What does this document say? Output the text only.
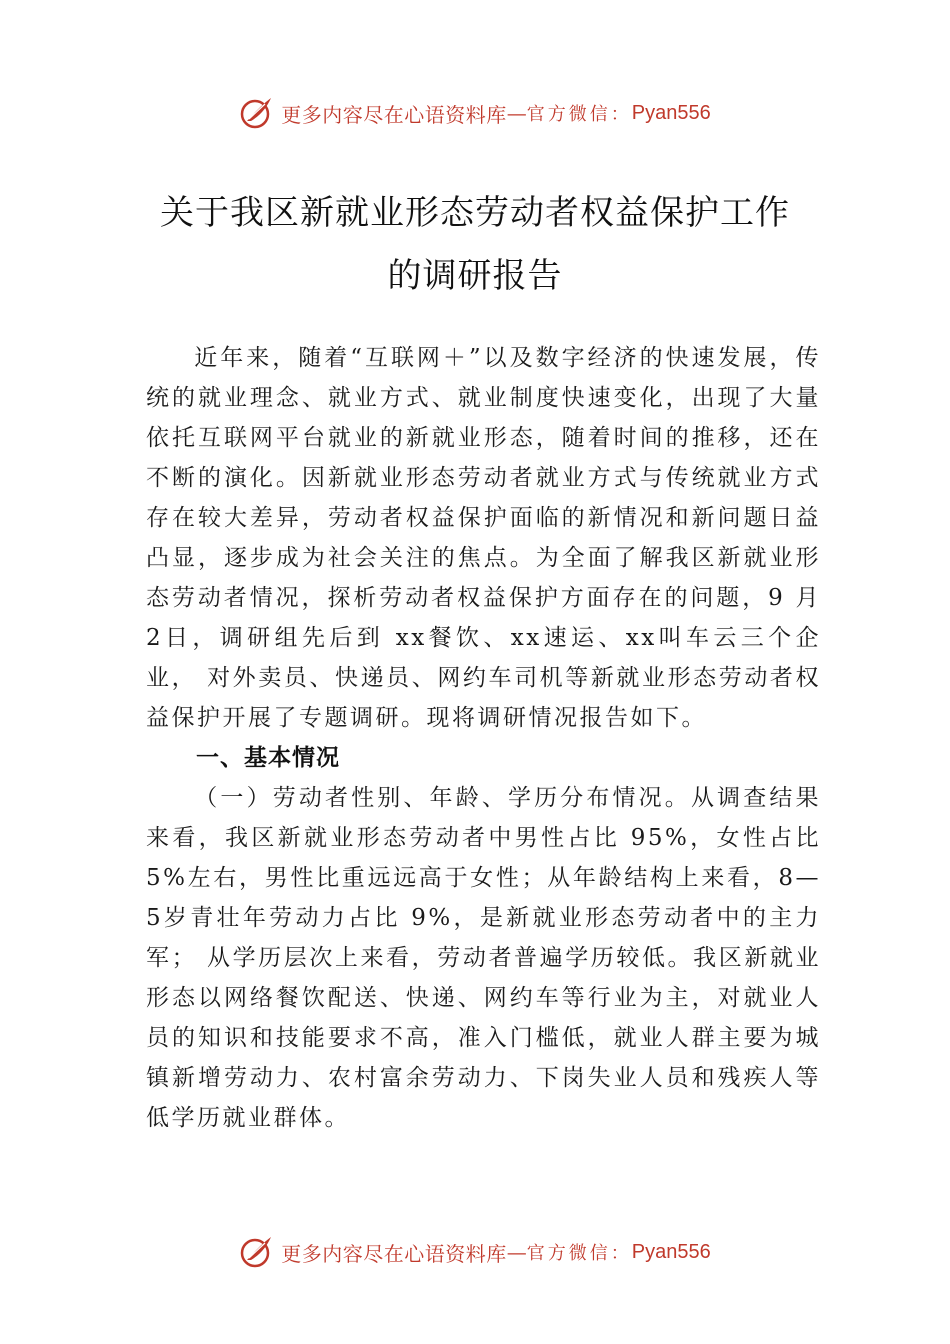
更多内容尽在心语资料库 — 官方微信： Pyan556
关于我区新就业形态劳动者权益保护工作
的调研报告

近年来，随着“互联网＋”以及数字经济的快速发展，传统的就业理念、就业方式、就业制度快速变化，出现了大量依托互联网平台就业的新就业形态，随着时间的推移，还在不断的演化。因新就业形态劳动者就业方式与传统就业方式存在较大差异，劳动者权益保护面临的新情况和新问题日益凸显，逐步成为社会关注的焦点。为全面了解我区新就业形态劳动者情况，探析劳动者权益保护方面存在的问题，9 月2日，调研组先后到 xx餐饮、xx速运、xx叫车云三个企业， 对外卖员、快递员、网约车司机等新就业形态劳动者权益保护开展了专题调研。现将调研情况报告如下。

一、基本情况

（一）劳动者性别、年龄、学历分布情况。从调查结果来看，我区新就业形态劳动者中男性占比 95%，女性占比5%左右，男性比重远远高于女性；从年龄结构上来看，8—5岁青壮年劳动力占比 9%，是新就业形态劳动者中的主力军； 从学历层次上来看，劳动者普遍学历较低。我区新就业形态以网络餐饮配送、快递、网约车等行业为主，对就业人员的知识和技能要求不高，准入门槛低，就业人群主要为城镇新增劳动力、农村富余劳动力、下岗失业人员和残疾人等低学历就业群体。

更多内容尽在心语资料库 — 官方微信： Pyan556
